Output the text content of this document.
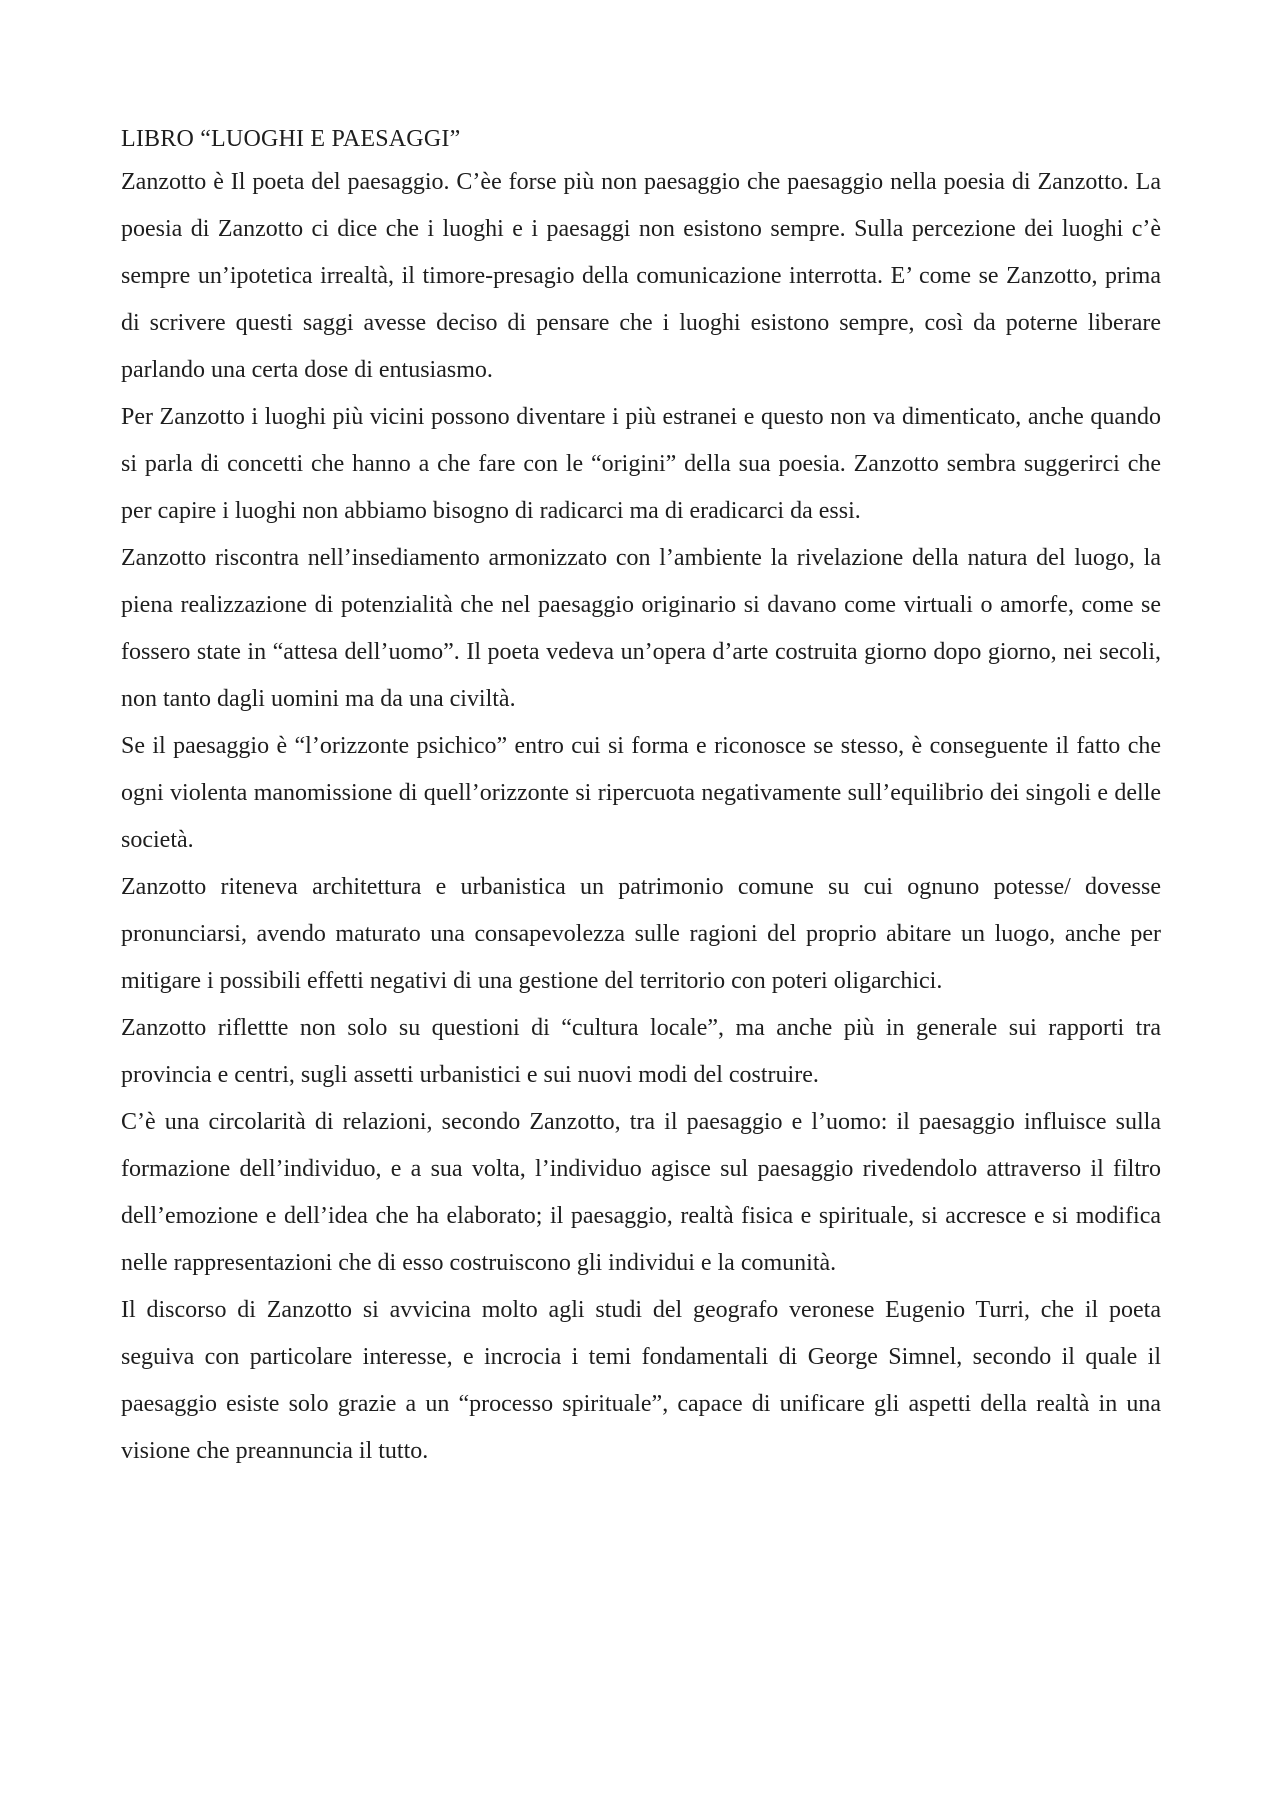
LIBRO “LUOGHI E PAESAGGI”

Zanzotto è Il poeta del paesaggio. C’èe forse più non paesaggio che paesaggio nella poesia di Zanzotto. La poesia di Zanzotto ci dice che i luoghi e i paesaggi non esistono sempre. Sulla percezione dei luoghi c’è sempre un’ipotetica irrealtà, il timore-presagio della comunicazione interrotta. E’ come se Zanzotto, prima di scrivere questi saggi avesse deciso di pensare che i luoghi esistono sempre, così da poterne liberare parlando una certa dose di entusiasmo.

Per Zanzotto i luoghi più vicini possono diventare i più estranei e questo non va dimenticato, anche quando si parla di concetti che hanno a che fare con le “origini” della sua poesia. Zanzotto sembra suggerirci che per capire i luoghi non abbiamo bisogno di radicarci ma di eradicarci da essi.

Zanzotto riscontra nell’insediamento armonizzato con l’ambiente la rivelazione della natura del luogo, la piena realizzazione di potenzialità che nel paesaggio originario si davano come virtuali o amorfe, come se fossero state in “attesa dell’uomo”. Il poeta vedeva un’opera d’arte costruita giorno dopo giorno, nei secoli, non tanto dagli uomini ma da una civiltà.

Se il paesaggio è “l’orizzonte psichico” entro cui si forma e riconosce se stesso, è conseguente il fatto che ogni violenta manomissione di quell’orizzonte si ripercuota negativamente sull’equilibrio dei singoli e delle società.

Zanzotto riteneva architettura e urbanistica un patrimonio comune su cui ognuno potesse/ dovesse pronunciarsi, avendo maturato una consapevolezza sulle ragioni del proprio abitare un luogo, anche per mitigare i possibili effetti negativi di una gestione del territorio con poteri oligarchici.

Zanzotto riflettte non solo su questioni di “cultura locale”, ma anche più in generale sui rapporti tra provincia e centri, sugli assetti urbanistici e sui nuovi modi del costruire.

C’è una circolarità di relazioni, secondo Zanzotto, tra il paesaggio e l’uomo: il paesaggio influisce sulla formazione dell’individuo, e a sua volta, l’individuo agisce sul paesaggio rivedendolo attraverso il filtro dell’emozione e dell’idea che ha elaborato; il paesaggio, realtà fisica e spirituale, si accresce e si modifica nelle rappresentazioni che di esso costruiscono gli individui e la comunità.

Il discorso di Zanzotto si avvicina molto agli studi del geografo veronese Eugenio Turri, che il poeta seguiva con particolare interesse, e incrocia i temi fondamentali di George Simnel, secondo il quale il paesaggio esiste solo grazie a un “processo spirituale”, capace di unificare gli aspetti della realtà in una visione che preannuncia il tutto.
